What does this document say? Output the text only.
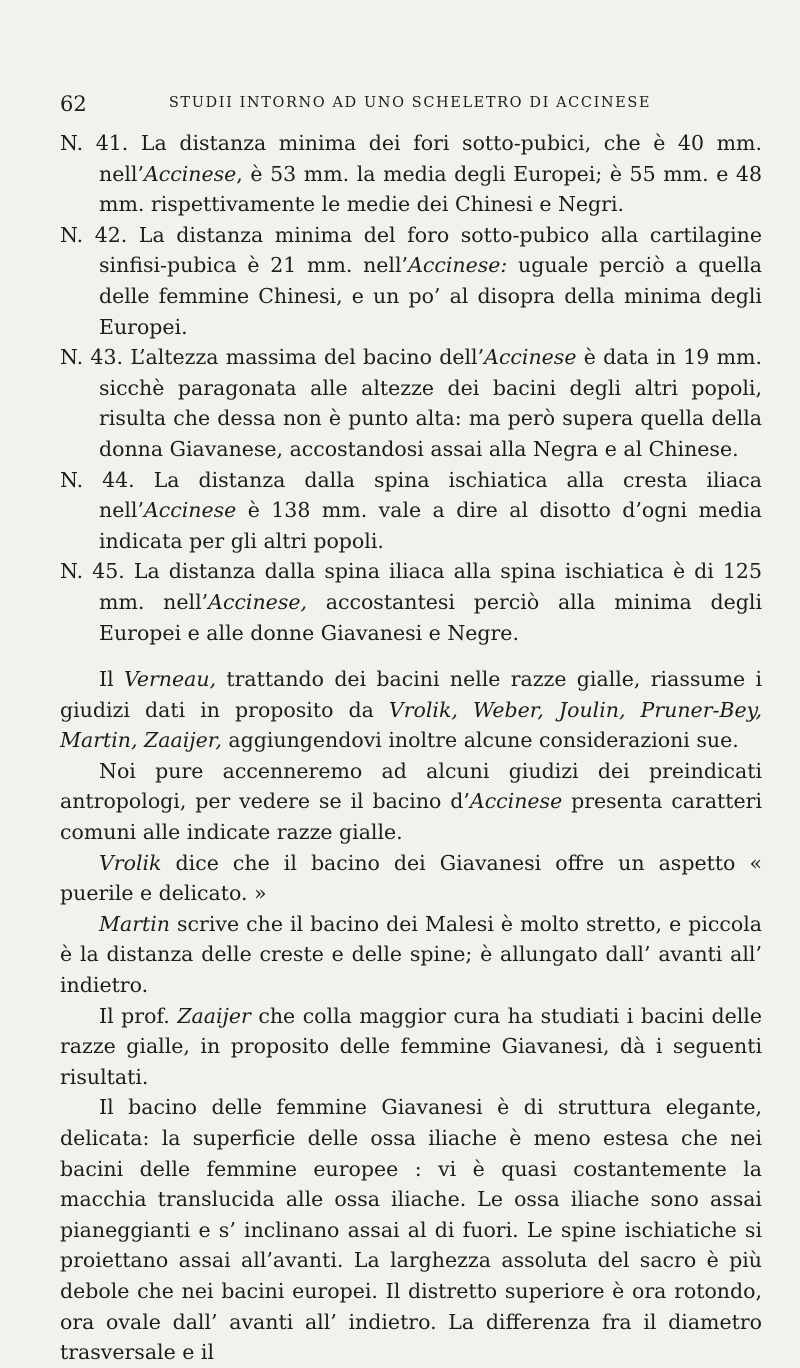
62	STUDII INTORNO AD UNO SCHELETRO DI ACCINESE

N. 41. La distanza minima dei fori sotto-pubici, che è 40 mm. nell’Accinese, è 53 mm. la media degli Europei; è 55 mm. e 48 mm. rispettivamente le medie dei Chinesi e Negri.

N. 42. La distanza minima del foro sotto-pubico alla cartilagine sinfisi-pubica è 21 mm. nell’Accinese: uguale perciò a quella delle femmine Chinesi, e un po’ al disopra della minima degli Europei.

N. 43. L’altezza massima del bacino dell’Accinese è data in 19 mm. sicchè paragonata alle altezze dei bacini degli altri popoli, risulta che dessa non è punto alta: ma però supera quella della donna Giavanese, accostandosi assai alla Negra e al Chinese.

N. 44. La distanza dalla spina ischiatica alla cresta iliaca nell’Accinese è 138 mm. vale a dire al disotto d’ogni media indicata per gli altri popoli.

N. 45. La distanza dalla spina iliaca alla spina ischiatica è di 125 mm. nell’Accinese, accostantesi perciò alla minima degli Europei e alle donne Giavanesi e Negre.

Il Verneau, trattando dei bacini nelle razze gialle, riassume i giudizi dati in proposito da Vrolik, Weber, Joulin, Pruner-Bey, Martin, Zaaijer, aggiungendovi inoltre alcune considerazioni sue.

Noi pure accenneremo ad alcuni giudizi dei preindicati antropologi, per vedere se il bacino d’Accinese presenta caratteri comuni alle indicate razze gialle.

Vrolik dice che il bacino dei Giavanesi offre un aspetto « puerile e delicato. »

Martin scrive che il bacino dei Malesi è molto stretto, e piccola è la distanza delle creste e delle spine; è allungato dall’ avanti all’ indietro.

Il prof. Zaaijer che colla maggior cura ha studiati i bacini delle razze gialle, in proposito delle femmine Giavanesi, dà i seguenti risultati.

Il bacino delle femmine Giavanesi è di struttura elegante, delicata: la superficie delle ossa iliache è meno estesa che nei bacini delle femmine europee : vi è quasi costantemente la macchia translucida alle ossa iliache. Le ossa iliache sono assai pianeggianti e s’ inclinano assai al di fuori. Le spine ischiatiche si proiettano assai all’avanti. La larghezza assoluta del sacro è più debole che nei bacini europei. Il distretto superiore è ora rotondo, ora ovale dall’ avanti all’ indietro. La differenza fra il diametro trasversale e il
